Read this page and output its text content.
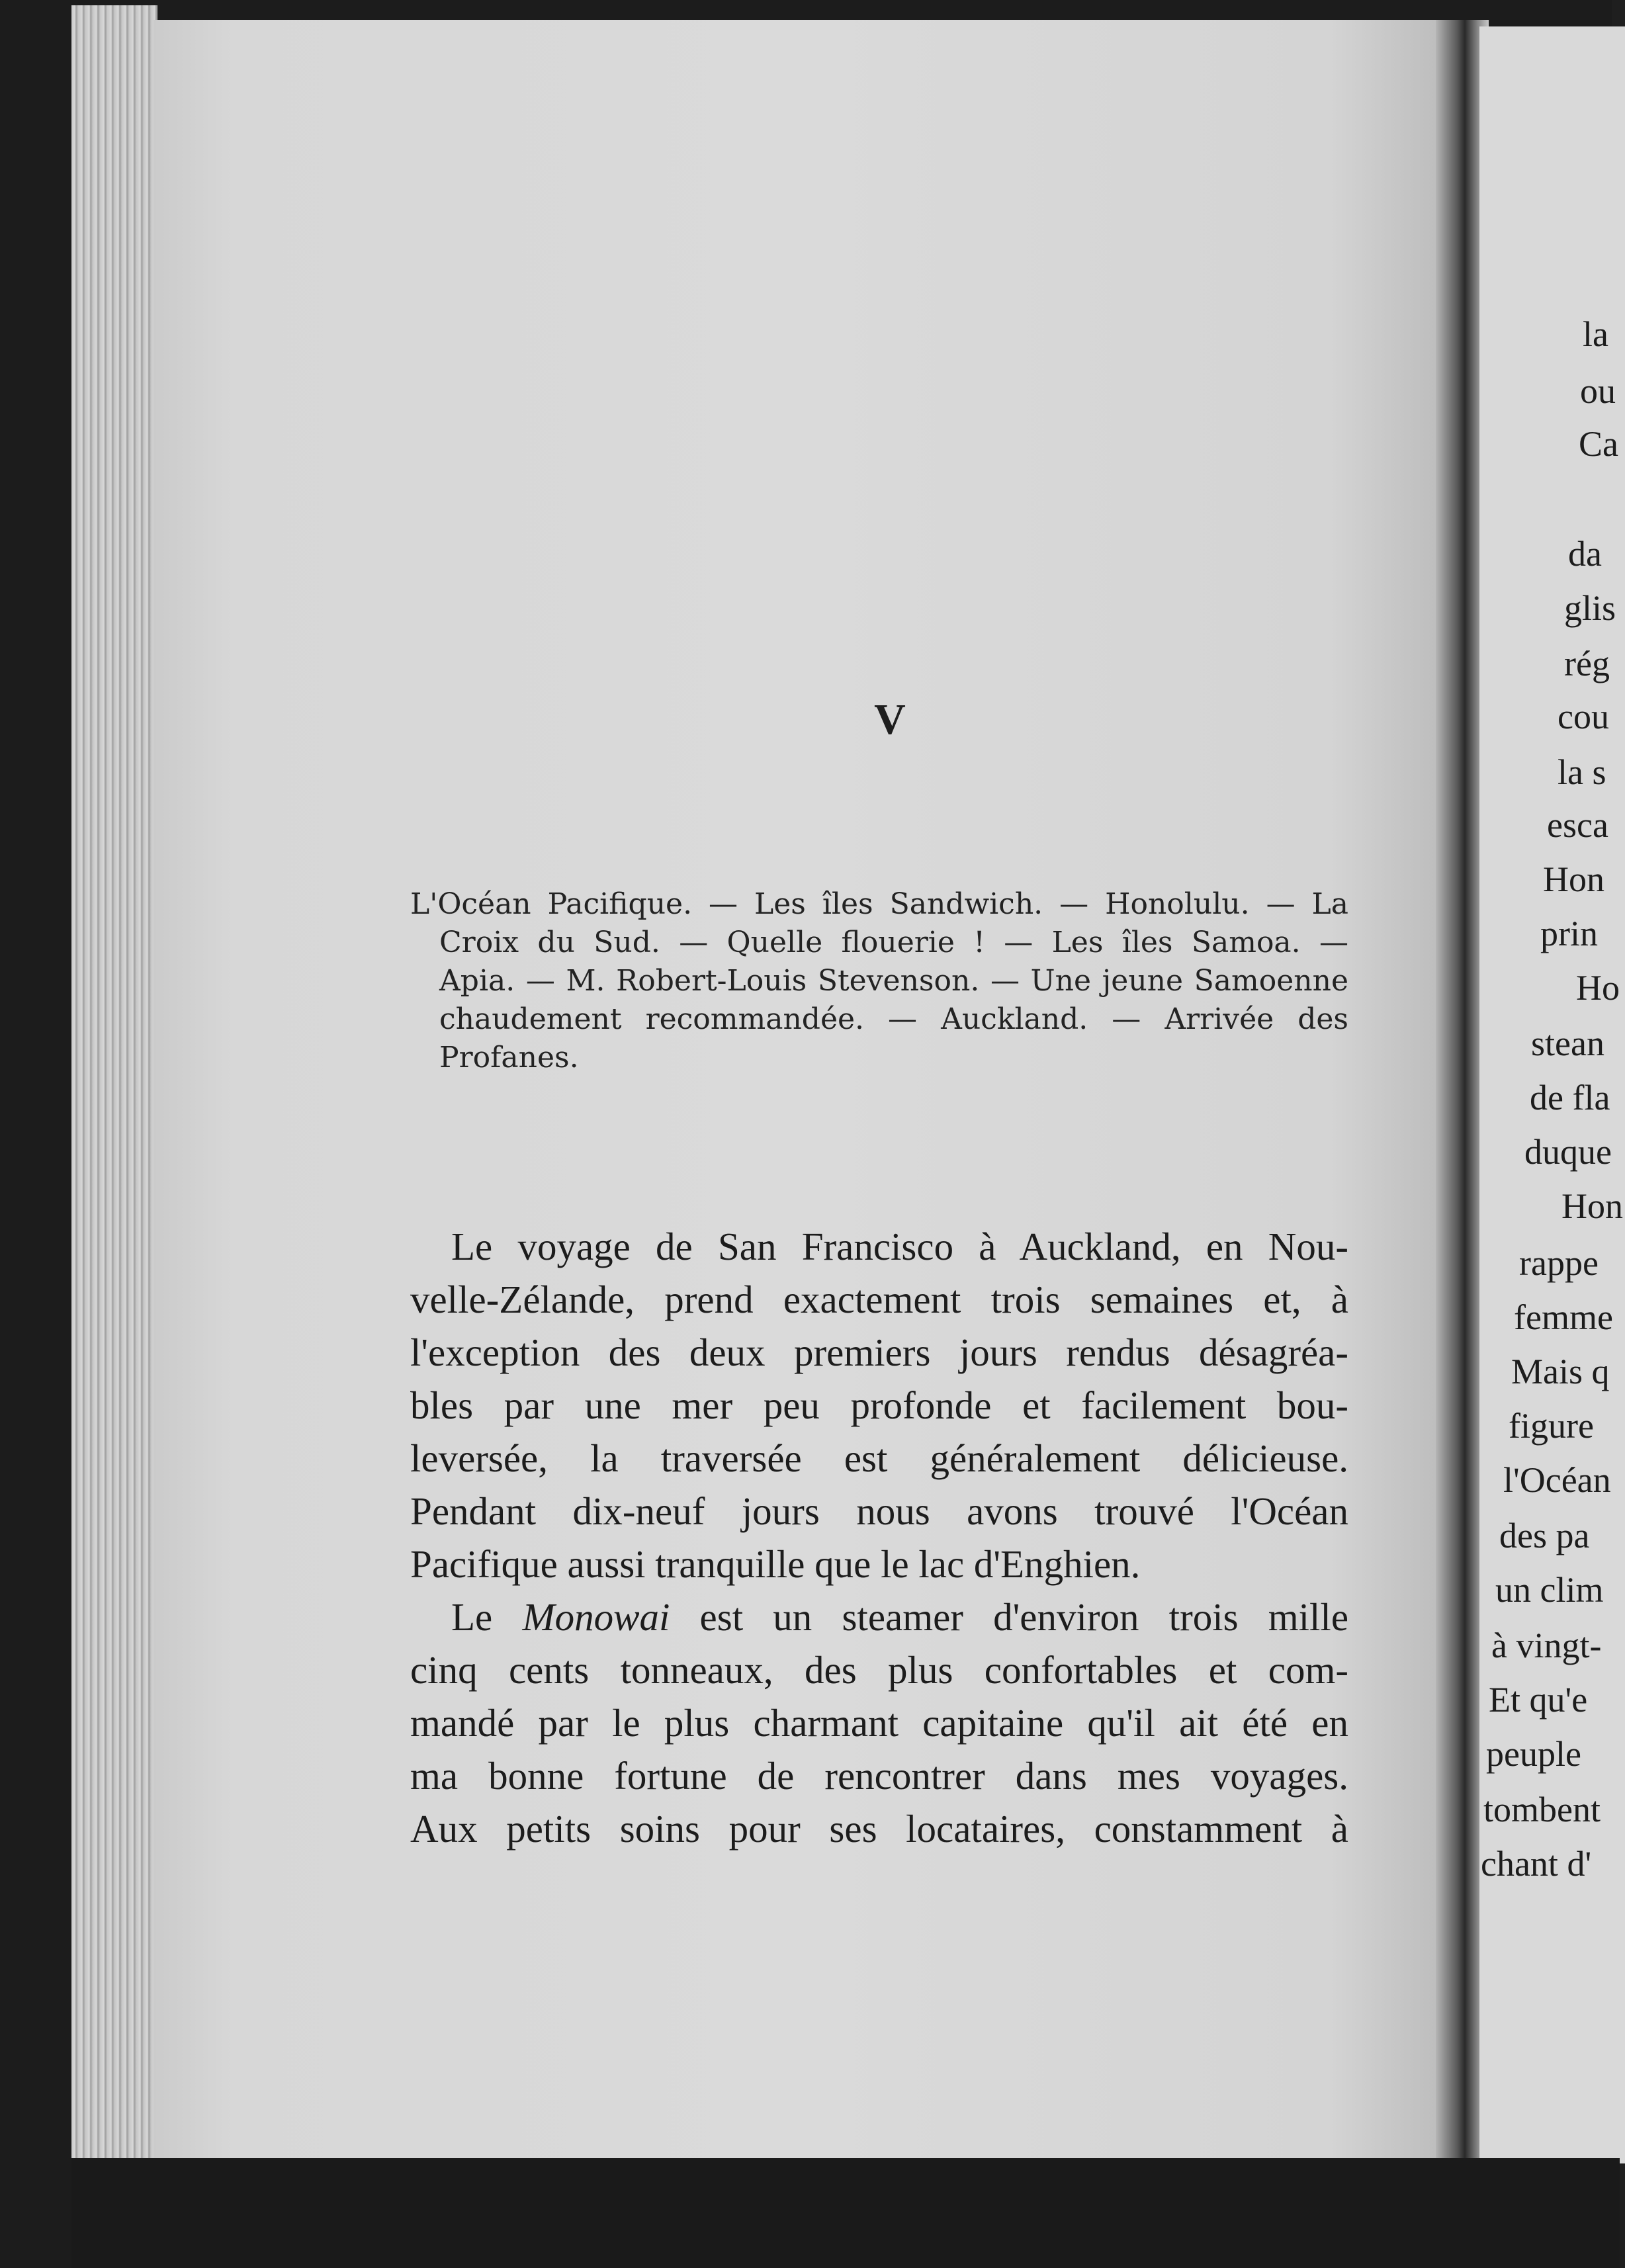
V
L'Océan Pacifique. — Les îles Sandwich. — Honolulu. — La
Croix du Sud. — Quelle flouerie ! — Les îles Samoa. —
Apia. — M. Robert-Louis Stevenson. — Une jeune Samoenne
chaudement recommandée. — Auckland. — Arrivée des
Profanes.
Le voyage de San Francisco à Auckland, en Nou-
velle-Zélande, prend exactement trois semaines et, à
l'exception des deux premiers jours rendus désagréa-
bles par une mer peu profonde et facilement bou-
leversée, la traversée est généralement délicieuse.
Pendant dix-neuf jours nous avons trouvé l'Océan
Pacifique aussi tranquille que le lac d'Enghien.
Le Monowai est un steamer d'environ trois mille
cinq cents tonneaux, des plus confortables et com-
mandé par le plus charmant capitaine qu'il ait été en
ma bonne fortune de rencontrer dans mes voyages.
Aux petits soins pour ses locataires, constamment à
la
ou
Ca
da
glis
rég
cou
la s
esca
Hon
prin
Ho
stean
de fla
duque
Hon
rappe
femme
Mais q
figure
l'Océan
des pa
un clim
à vingt-
Et qu'e
peuple
tombent
chant d'
